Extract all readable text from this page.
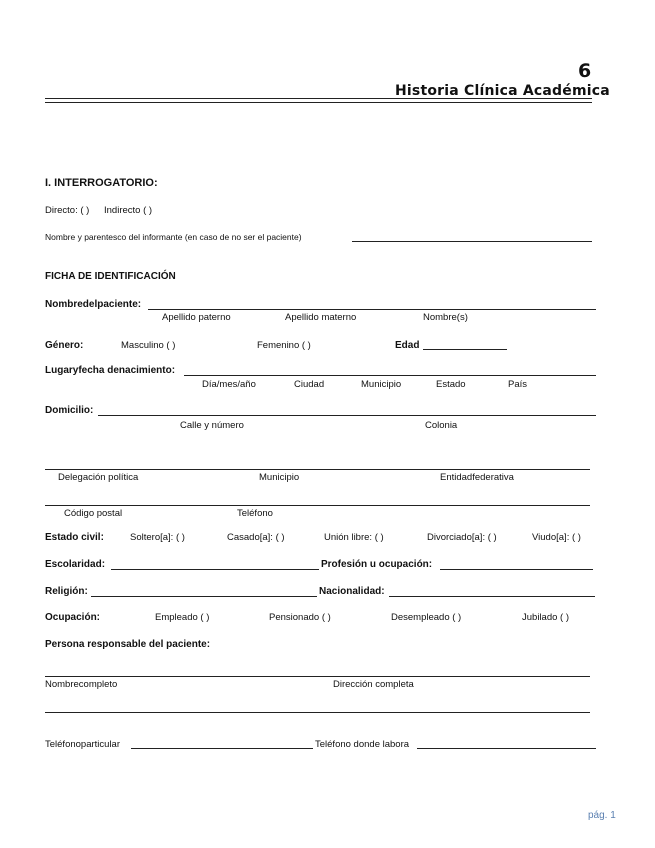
—
6
Historia Clínica Académica
I. INTERROGATORIO:
Directo: ( ) Indirecto ( )
Nombre y parentesco del informante (en caso de no ser el paciente)
FICHA DE IDENTIFICACIÓN
Nombredelpaciente:
Apellido paterno	Apellido materno	Nombre(s)
Género:	Masculino ( )	Femenino ( )	Edad
Lugaryfecha denacimiento:
Día/mes/año	Ciudad	Municipio	Estado	País
Domicilio:
Calle y número	Colonia
Delegación política	Municipio	Entidadfederativa
Código postal	Teléfono
Estado civil:	Soltero[a]: ( )	Casado[a]: ( )	Unión libre: ( )	Divorciado[a]: ( )	Viudo[a]: ( )
Escolaridad:	Profesión u ocupación:
Religión:	Nacionalidad:
Ocupación:	Empleado ( )	Pensionado ( )	Desempleado ( )	Jubilado ( )
Persona responsable del paciente:
Nombrecompleto	Dirección completa
Teléfonoparticular	Teléfono donde labora
pág. 1
